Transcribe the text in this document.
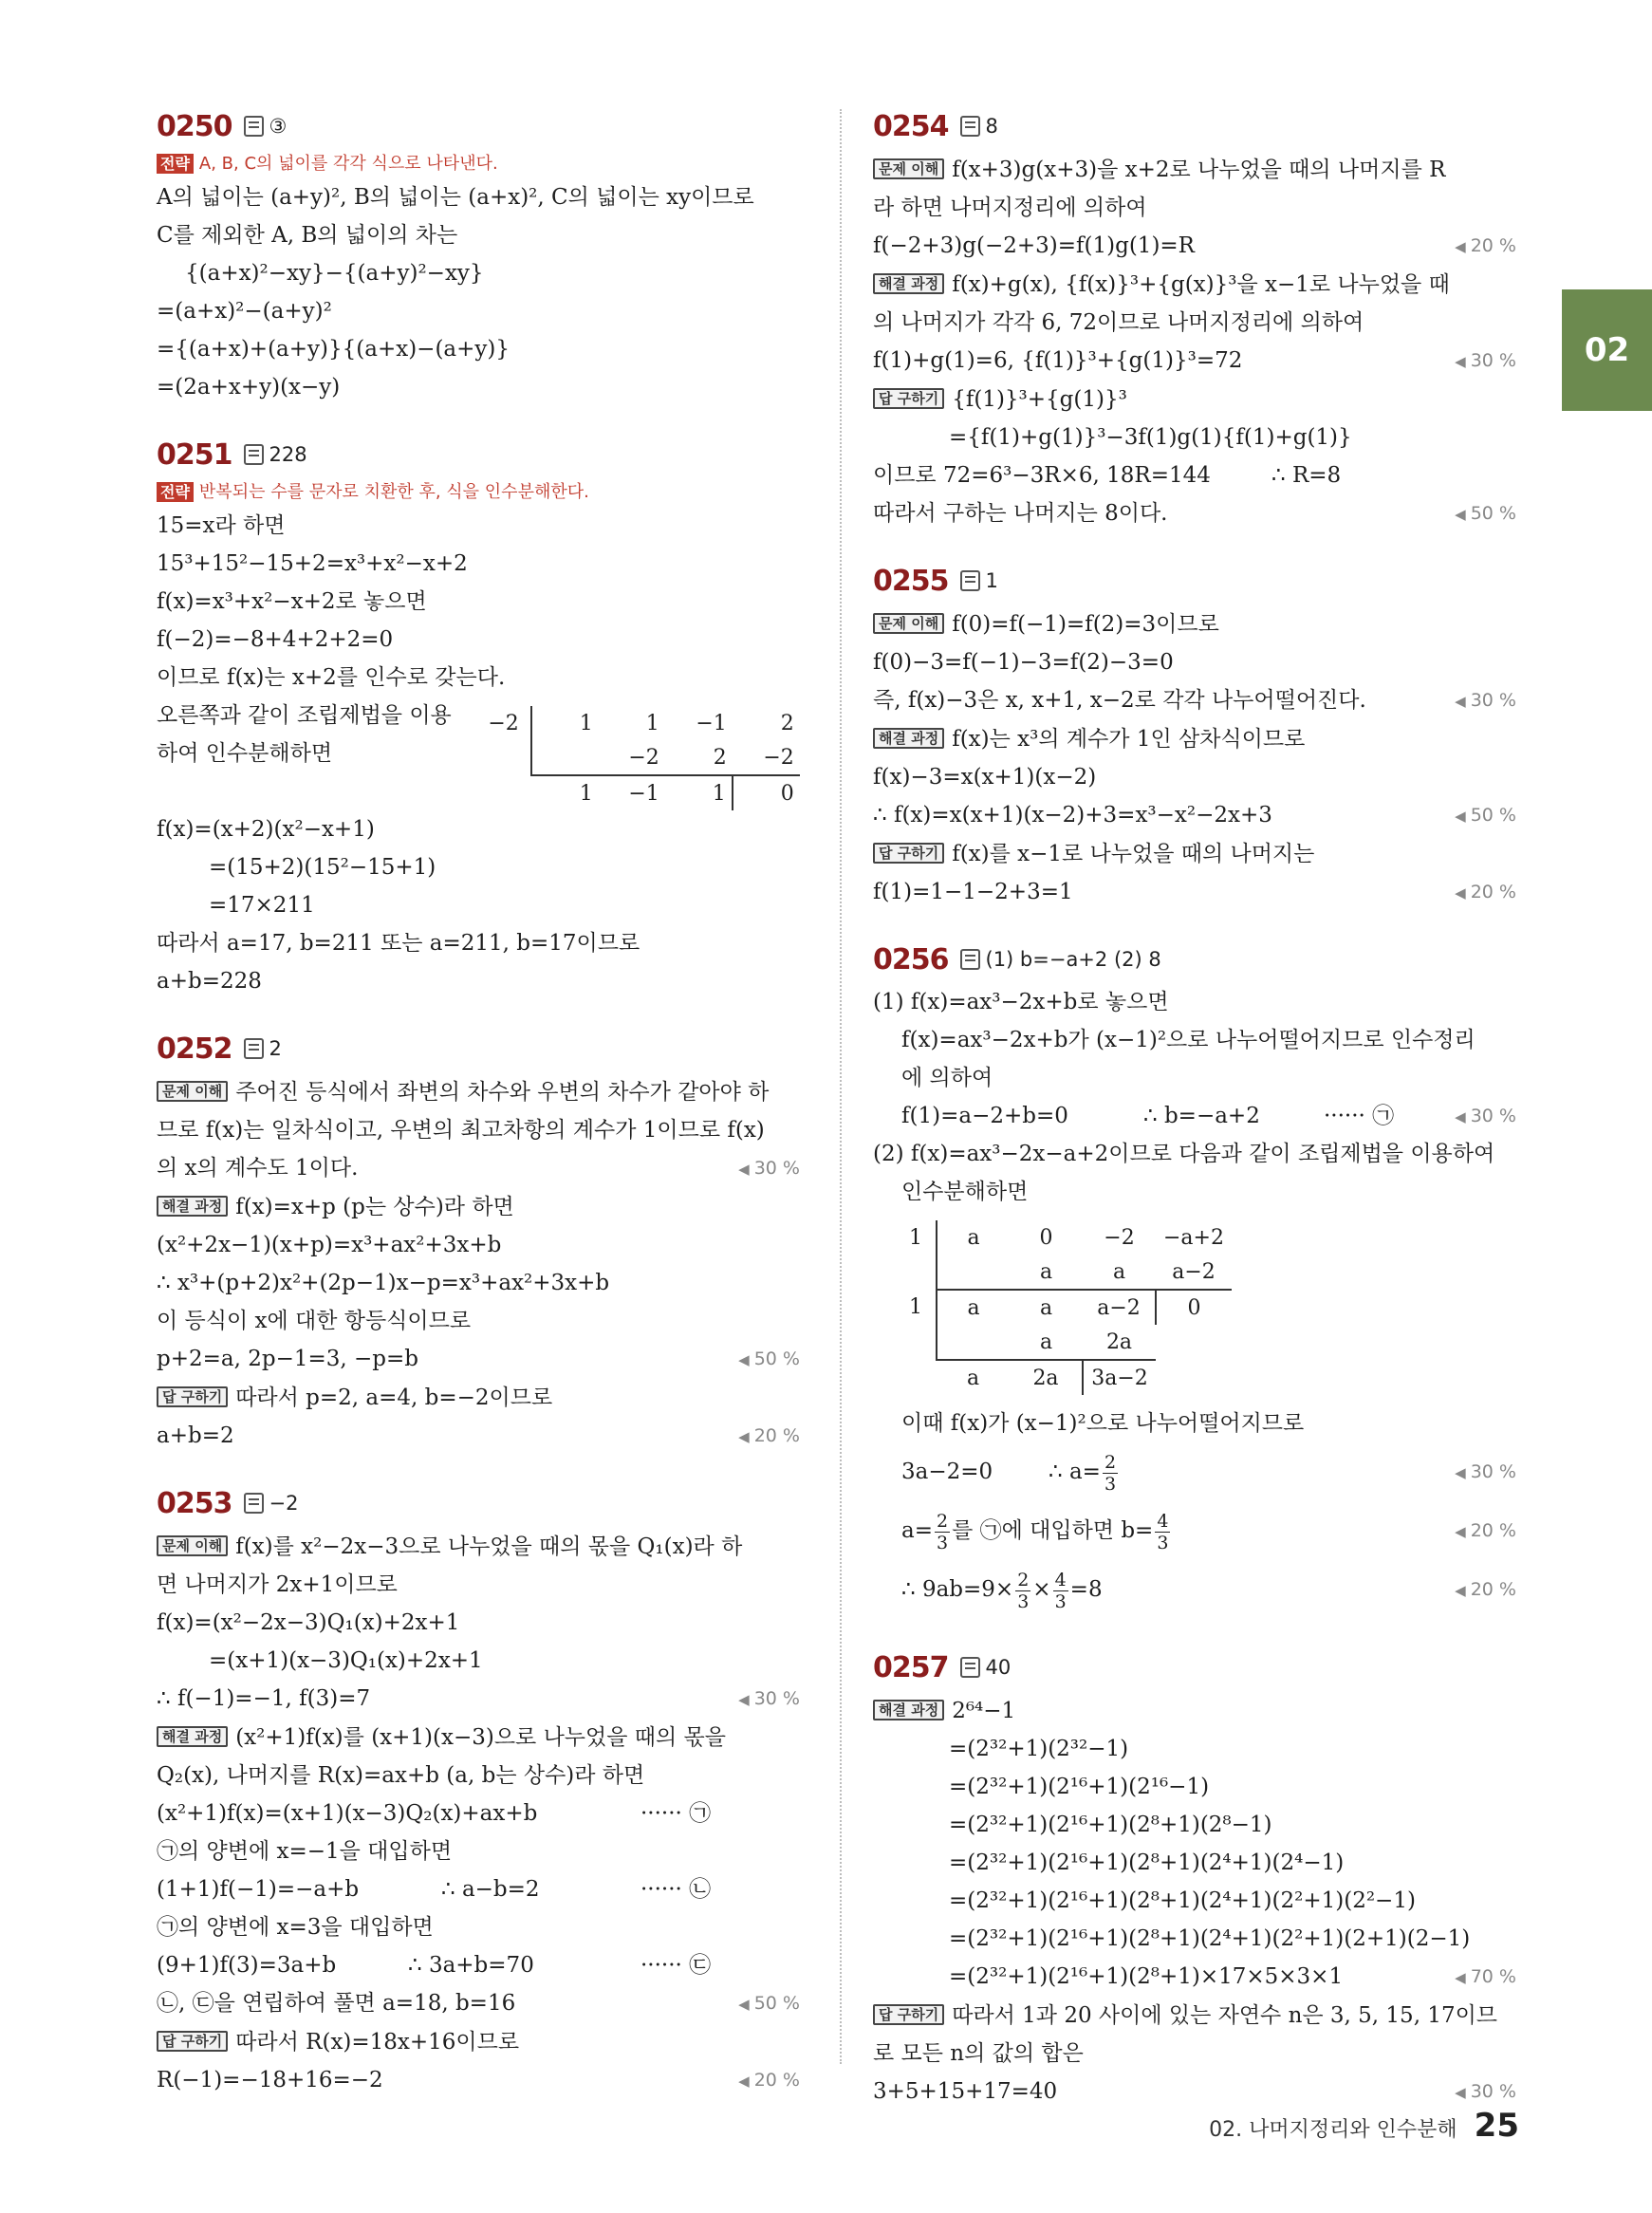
02
0250 ③
전략 A, B, C의 넓이를 각각 식으로 나타낸다.
A의 넓이는 (a+y)², B의 넓이는 (a+x)², C의 넓이는 xy이므로
C를 제외한 A, B의 넓이의 차는
{(a+x)²−xy}−{(a+y)²−xy}
=(a+x)²−(a+y)²
={(a+x)+(a+y)}{(a+x)−(a+y)}
=(2a+x+y)(x−y)
0251 228
전략 반복되는 수를 문자로 치환한 후, 식을 인수분해한다.
15=x라 하면
15³+15²−15+2=x³+x²−x+2
f(x)=x³+x²−x+2로 놓으면
f(−2)=−8+4+2+2=0
이므로 f(x)는 x+2를 인수로 갖는다.
오른쪽과 같이 조립제법을 이용
하여 인수분해하면
−2	1	1	−1	2
		−2	2	−2
	1	−1	1	0
f(x)=(x+2)(x²−x+1)
=(15+2)(15²−15+1)
=17×211
따라서 a=17, b=211 또는 a=211, b=17이므로
a+b=228
0252 2
문제 이해 주어진 등식에서 좌변의 차수와 우변의 차수가 같아야 하
므로 f(x)는 일차식이고, 우변의 최고차항의 계수가 1이므로 f(x)
의 x의 계수도 1이다.	◀ 30 %
해결 과정 f(x)=x+p (p는 상수)라 하면
(x²+2x−1)(x+p)=x³+ax²+3x+b
∴ x³+(p+2)x²+(2p−1)x−p=x³+ax²+3x+b
이 등식이 x에 대한 항등식이므로
p+2=a, 2p−1=3, −p=b	◀ 50 %
답 구하기 따라서 p=2, a=4, b=−2이므로
a+b=2	◀ 20 %
0253 −2
문제 이해 f(x)를 x²−2x−3으로 나누었을 때의 몫을 Q₁(x)라 하
면 나머지가 2x+1이므로
f(x)=(x²−2x−3)Q₁(x)+2x+1
=(x+1)(x−3)Q₁(x)+2x+1
∴ f(−1)=−1, f(3)=7	◀ 30 %
해결 과정 (x²+1)f(x)를 (x+1)(x−3)으로 나누었을 때의 몫을
Q₂(x), 나머지를 R(x)=ax+b (a, b는 상수)라 하면
(x²+1)f(x)=(x+1)(x−3)Q₂(x)+ax+b	······ ㉠
㉠의 양변에 x=−1을 대입하면
(1+1)f(−1)=−a+b	∴ a−b=2	······ ㉡
㉠의 양변에 x=3을 대입하면
(9+1)f(3)=3a+b	∴ 3a+b=70	······ ㉢
㉡, ㉢을 연립하여 풀면 a=18, b=16	◀ 50 %
답 구하기 따라서 R(x)=18x+16이므로
R(−1)=−18+16=−2	◀ 20 %
0254 8
문제 이해 f(x+3)g(x+3)을 x+2로 나누었을 때의 나머지를 R
라 하면 나머지정리에 의하여
f(−2+3)g(−2+3)=f(1)g(1)=R	◀ 20 %
해결 과정 f(x)+g(x), {f(x)}³+{g(x)}³을 x−1로 나누었을 때
의 나머지가 각각 6, 72이므로 나머지정리에 의하여
f(1)+g(1)=6, {f(1)}³+{g(1)}³=72	◀ 30 %
답 구하기 {f(1)}³+{g(1)}³
={f(1)+g(1)}³−3f(1)g(1){f(1)+g(1)}
이므로 72=6³−3R×6, 18R=144	∴ R=8
따라서 구하는 나머지는 8이다.	◀ 50 %
0255 1
문제 이해 f(0)=f(−1)=f(2)=3이므로
f(0)−3=f(−1)−3=f(2)−3=0
즉, f(x)−3은 x, x+1, x−2로 각각 나누어떨어진다.	◀ 30 %
해결 과정 f(x)는 x³의 계수가 1인 삼차식이므로
f(x)−3=x(x+1)(x−2)
∴ f(x)=x(x+1)(x−2)+3=x³−x²−2x+3	◀ 50 %
답 구하기 f(x)를 x−1로 나누었을 때의 나머지는
f(1)=1−1−2+3=1	◀ 20 %
0256 (1) b=−a+2 (2) 8
(1) f(x)=ax³−2x+b로 놓으면
f(x)=ax³−2x+b가 (x−1)²으로 나누어떨어지므로 인수정리
에 의하여
f(1)=a−2+b=0	∴ b=−a+2	······ ㉠	◀ 30 %
(2) f(x)=ax³−2x−a+2이므로 다음과 같이 조립제법을 이용하여
인수분해하면
1	a	0	−2	−a+2
		a	a	a−2
1	a	a	a−2	0
		a	2a	
	a	2a	3a−2	
이때 f(x)가 (x−1)²으로 나누어떨어지므로
3a−2=0	∴ $a= \frac{2}{3}$	◀ 30 %
$a= \frac{2}{3}$ 를 ㉠에 대입하면 $b= \frac{4}{3}$	◀ 20 %
∴ $9ab=9\times \frac{2}{3} \times \frac{4}{3} =8$	◀ 20 %
0257 40
해결 과정 2⁶⁴−1
=(2³²+1)(2³²−1)
=(2³²+1)(2¹⁶+1)(2¹⁶−1)
=(2³²+1)(2¹⁶+1)(2⁸+1)(2⁸−1)
=(2³²+1)(2¹⁶+1)(2⁸+1)(2⁴+1)(2⁴−1)
=(2³²+1)(2¹⁶+1)(2⁸+1)(2⁴+1)(2²+1)(2²−1)
=(2³²+1)(2¹⁶+1)(2⁸+1)(2⁴+1)(2²+1)(2+1)(2−1)
=(2³²+1)(2¹⁶+1)(2⁸+1)×17×5×3×1	◀ 70 %
답 구하기 따라서 1과 20 사이에 있는 자연수 n은 3, 5, 15, 17이므
로 모든 n의 값의 합은
3+5+15+17=40	◀ 30 %
02. 나머지정리와 인수분해 25
